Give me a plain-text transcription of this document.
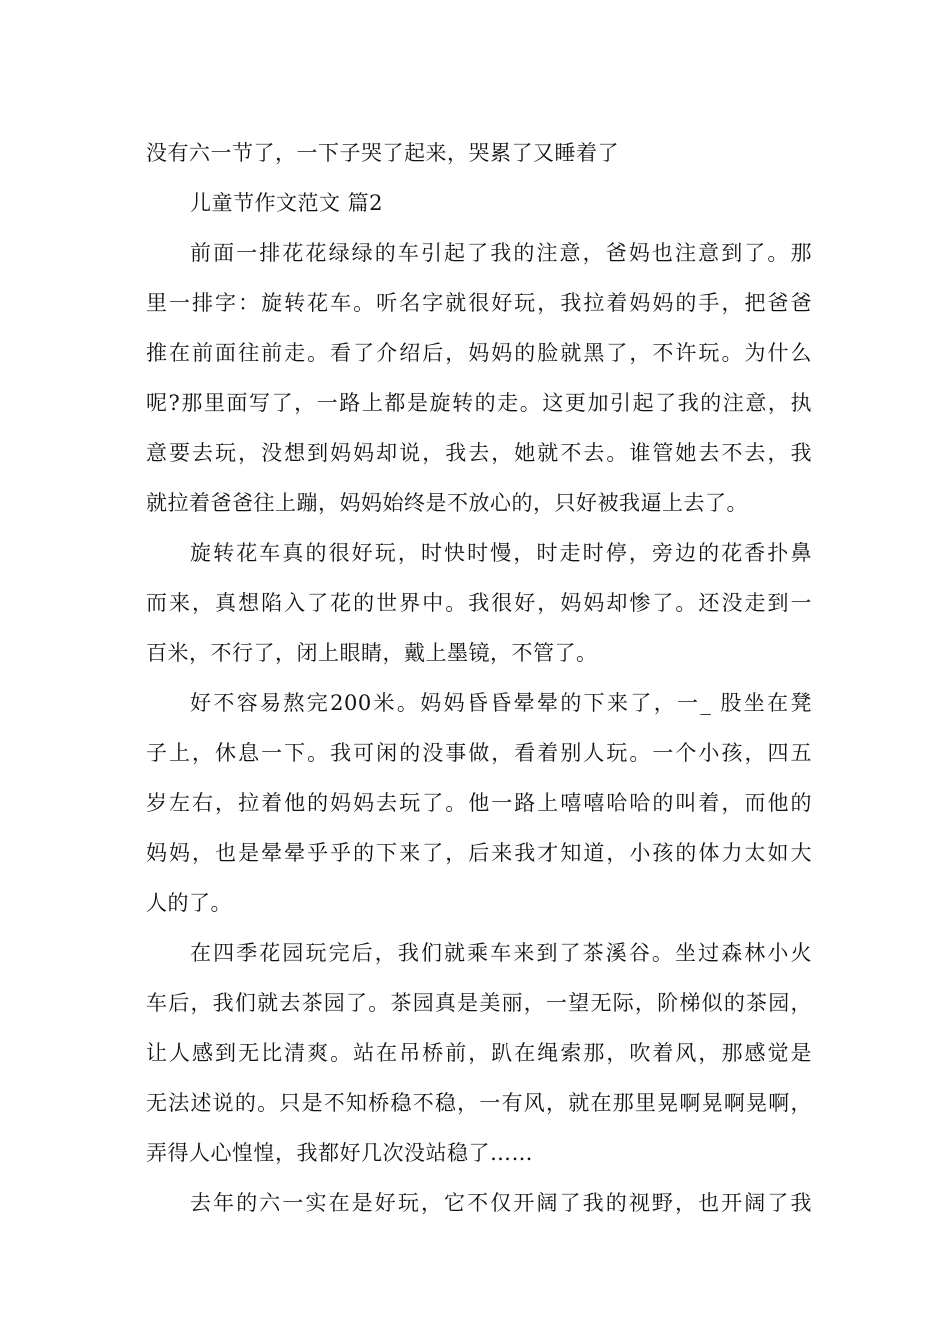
没有六一节了，一下子哭了起来，哭累了又睡着了
儿童节作文范文 篇2
前面一排花花绿绿的车引起了我的注意，爸妈也注意到了。那
里一排字：旋转花车。听名字就很好玩，我拉着妈妈的手，把爸爸
推在前面往前走。看了介绍后，妈妈的脸就黑了，不许玩。为什么
呢?那里面写了，一路上都是旋转的走。这更加引起了我的注意，执
意要去玩，没想到妈妈却说，我去，她就不去。谁管她去不去，我
就拉着爸爸往上蹦，妈妈始终是不放心的，只好被我逼上去了。
旋转花车真的很好玩，时快时慢，时走时停，旁边的花香扑鼻
而来，真想陷入了花的世界中。我很好，妈妈却惨了。还没走到一
百米，不行了，闭上眼睛，戴上墨镜，不管了。
好不容易熬完200米。妈妈昏昏晕晕的下来了，一_ 股坐在凳
子上，休息一下。我可闲的没事做，看着别人玩。一个小孩，四五
岁左右，拉着他的妈妈去玩了。他一路上嘻嘻哈哈的叫着，而他的
妈妈，也是晕晕乎乎的下来了，后来我才知道，小孩的体力太如大
人的了。
在四季花园玩完后，我们就乘车来到了茶溪谷。坐过森林小火
车后，我们就去茶园了。茶园真是美丽，一望无际，阶梯似的茶园，
让人感到无比清爽。站在吊桥前，趴在绳索那，吹着风，那感觉是
无法述说的。只是不知桥稳不稳，一有风，就在那里晃啊晃啊晃啊，
弄得人心惶惶，我都好几次没站稳了……
去年的六一实在是好玩，它不仅开阔了我的视野，也开阔了我
